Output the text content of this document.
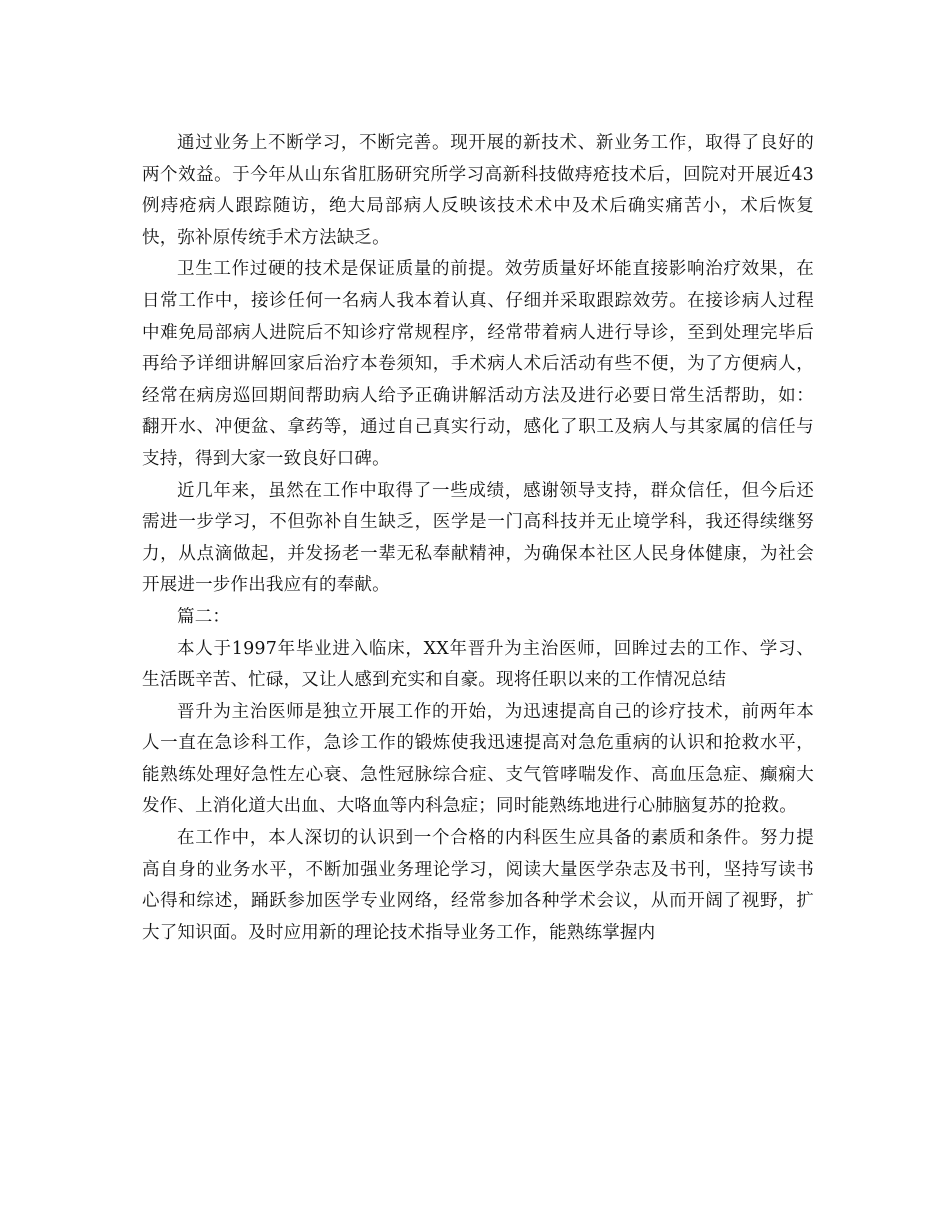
通过业务上不断学习，不断完善。现开展的新技术、新业务工作，取得了良好的两个效益。于今年从山东省肛肠研究所学习高新科技做痔疮技术后，回院对开展近43例痔疮病人跟踪随访，绝大局部病人反映该技术术中及术后确实痛苦小，术后恢复快，弥补原传统手术方法缺乏。

卫生工作过硬的技术是保证质量的前提。效劳质量好坏能直接影响治疗效果，在日常工作中，接诊任何一名病人我本着认真、仔细并采取跟踪效劳。在接诊病人过程中难免局部病人进院后不知诊疗常规程序，经常带着病人进行导诊，至到处理完毕后再给予详细讲解回家后治疗本卷须知，手术病人术后活动有些不便，为了方便病人，经常在病房巡回期间帮助病人给予正确讲解活动方法及进行必要日常生活帮助，如：翻开水、冲便盆、拿药等，通过自己真实行动，感化了职工及病人与其家属的信任与支持，得到大家一致良好口碑。

近几年来，虽然在工作中取得了一些成绩，感谢领导支持，群众信任，但今后还需进一步学习，不但弥补自生缺乏，医学是一门高科技并无止境学科，我还得续继努力，从点滴做起，并发扬老一辈无私奉献精神，为确保本社区人民身体健康，为社会开展进一步作出我应有的奉献。

篇二：

本人于1997年毕业进入临床，XX年晋升为主治医师，回眸过去的工作、学习、生活既辛苦、忙碌，又让人感到充实和自豪。现将任职以来的工作情况总结

晋升为主治医师是独立开展工作的开始，为迅速提高自己的诊疗技术，前两年本人一直在急诊科工作，急诊工作的锻炼使我迅速提高对急危重病的认识和抢救水平，能熟练处理好急性左心衰、急性冠脉综合症、支气管哮喘发作、高血压急症、癫痫大发作、上消化道大出血、大咯血等内科急症；同时能熟练地进行心肺脑复苏的抢救。

在工作中，本人深切的认识到一个合格的内科医生应具备的素质和条件。努力提高自身的业务水平，不断加强业务理论学习，阅读大量医学杂志及书刊，坚持写读书心得和综述，踊跃参加医学专业网络，经常参加各种学术会议，从而开阔了视野，扩大了知识面。及时应用新的理论技术指导业务工作，能熟练掌握内
